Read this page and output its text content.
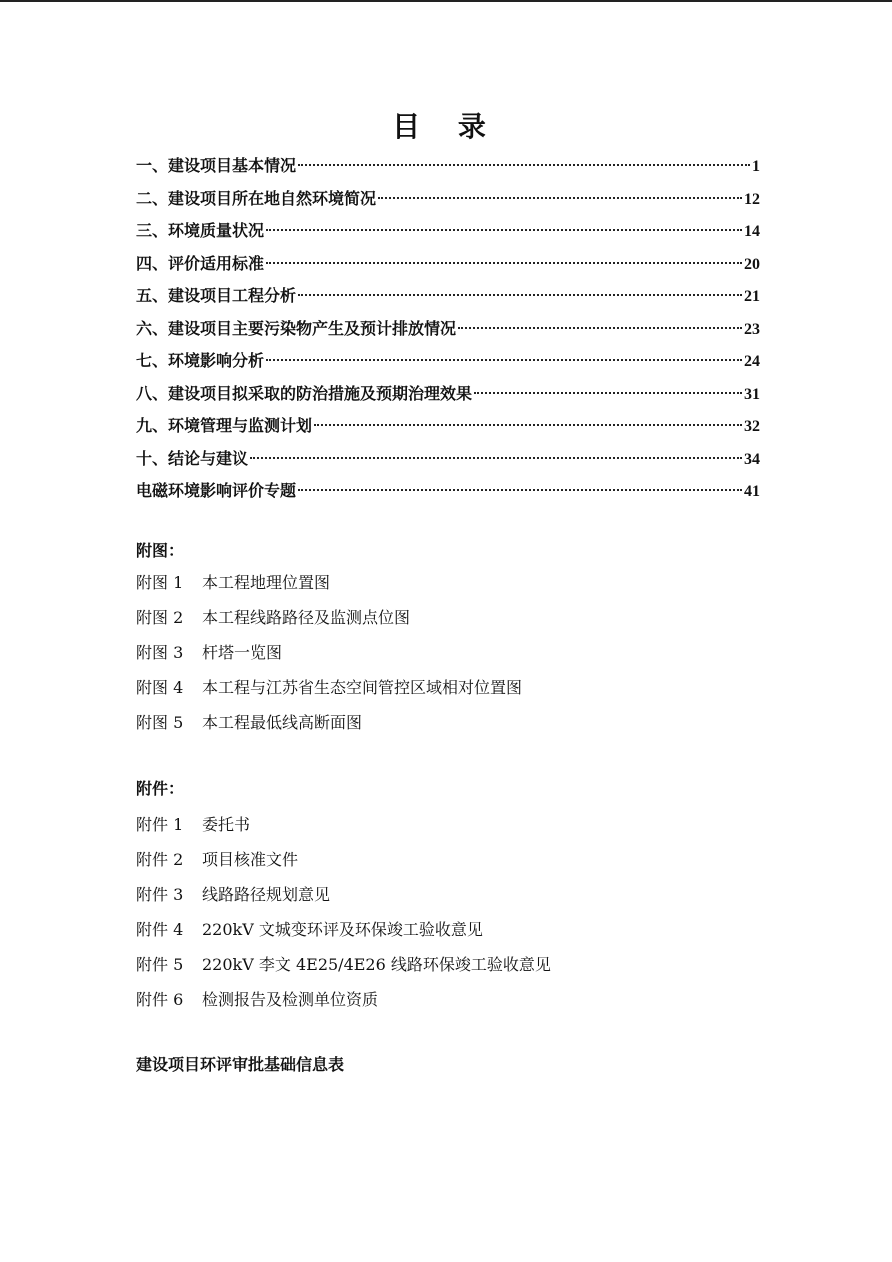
目 录
一、建设项目基本情况	1
二、建设项目所在地自然环境简况	12
三、环境质量状况	14
四、评价适用标准	20
五、建设项目工程分析	21
六、建设项目主要污染物产生及预计排放情况	23
七、环境影响分析	24
八、建设项目拟采取的防治措施及预期治理效果	31
九、环境管理与监测计划	32
十、结论与建议	34
电磁环境影响评价专题	41
附图：
附图 1 本工程地理位置图
附图 2 本工程线路路径及监测点位图
附图 3 杆塔一览图
附图 4 本工程与江苏省生态空间管控区域相对位置图
附图 5 本工程最低线高断面图
附件：
附件 1 委托书
附件 2 项目核准文件
附件 3 线路路径规划意见
附件 4 220kV 文城变环评及环保竣工验收意见
附件 5 220kV 李文 4E25/4E26 线路环保竣工验收意见
附件 6 检测报告及检测单位资质
建设项目环评审批基础信息表
